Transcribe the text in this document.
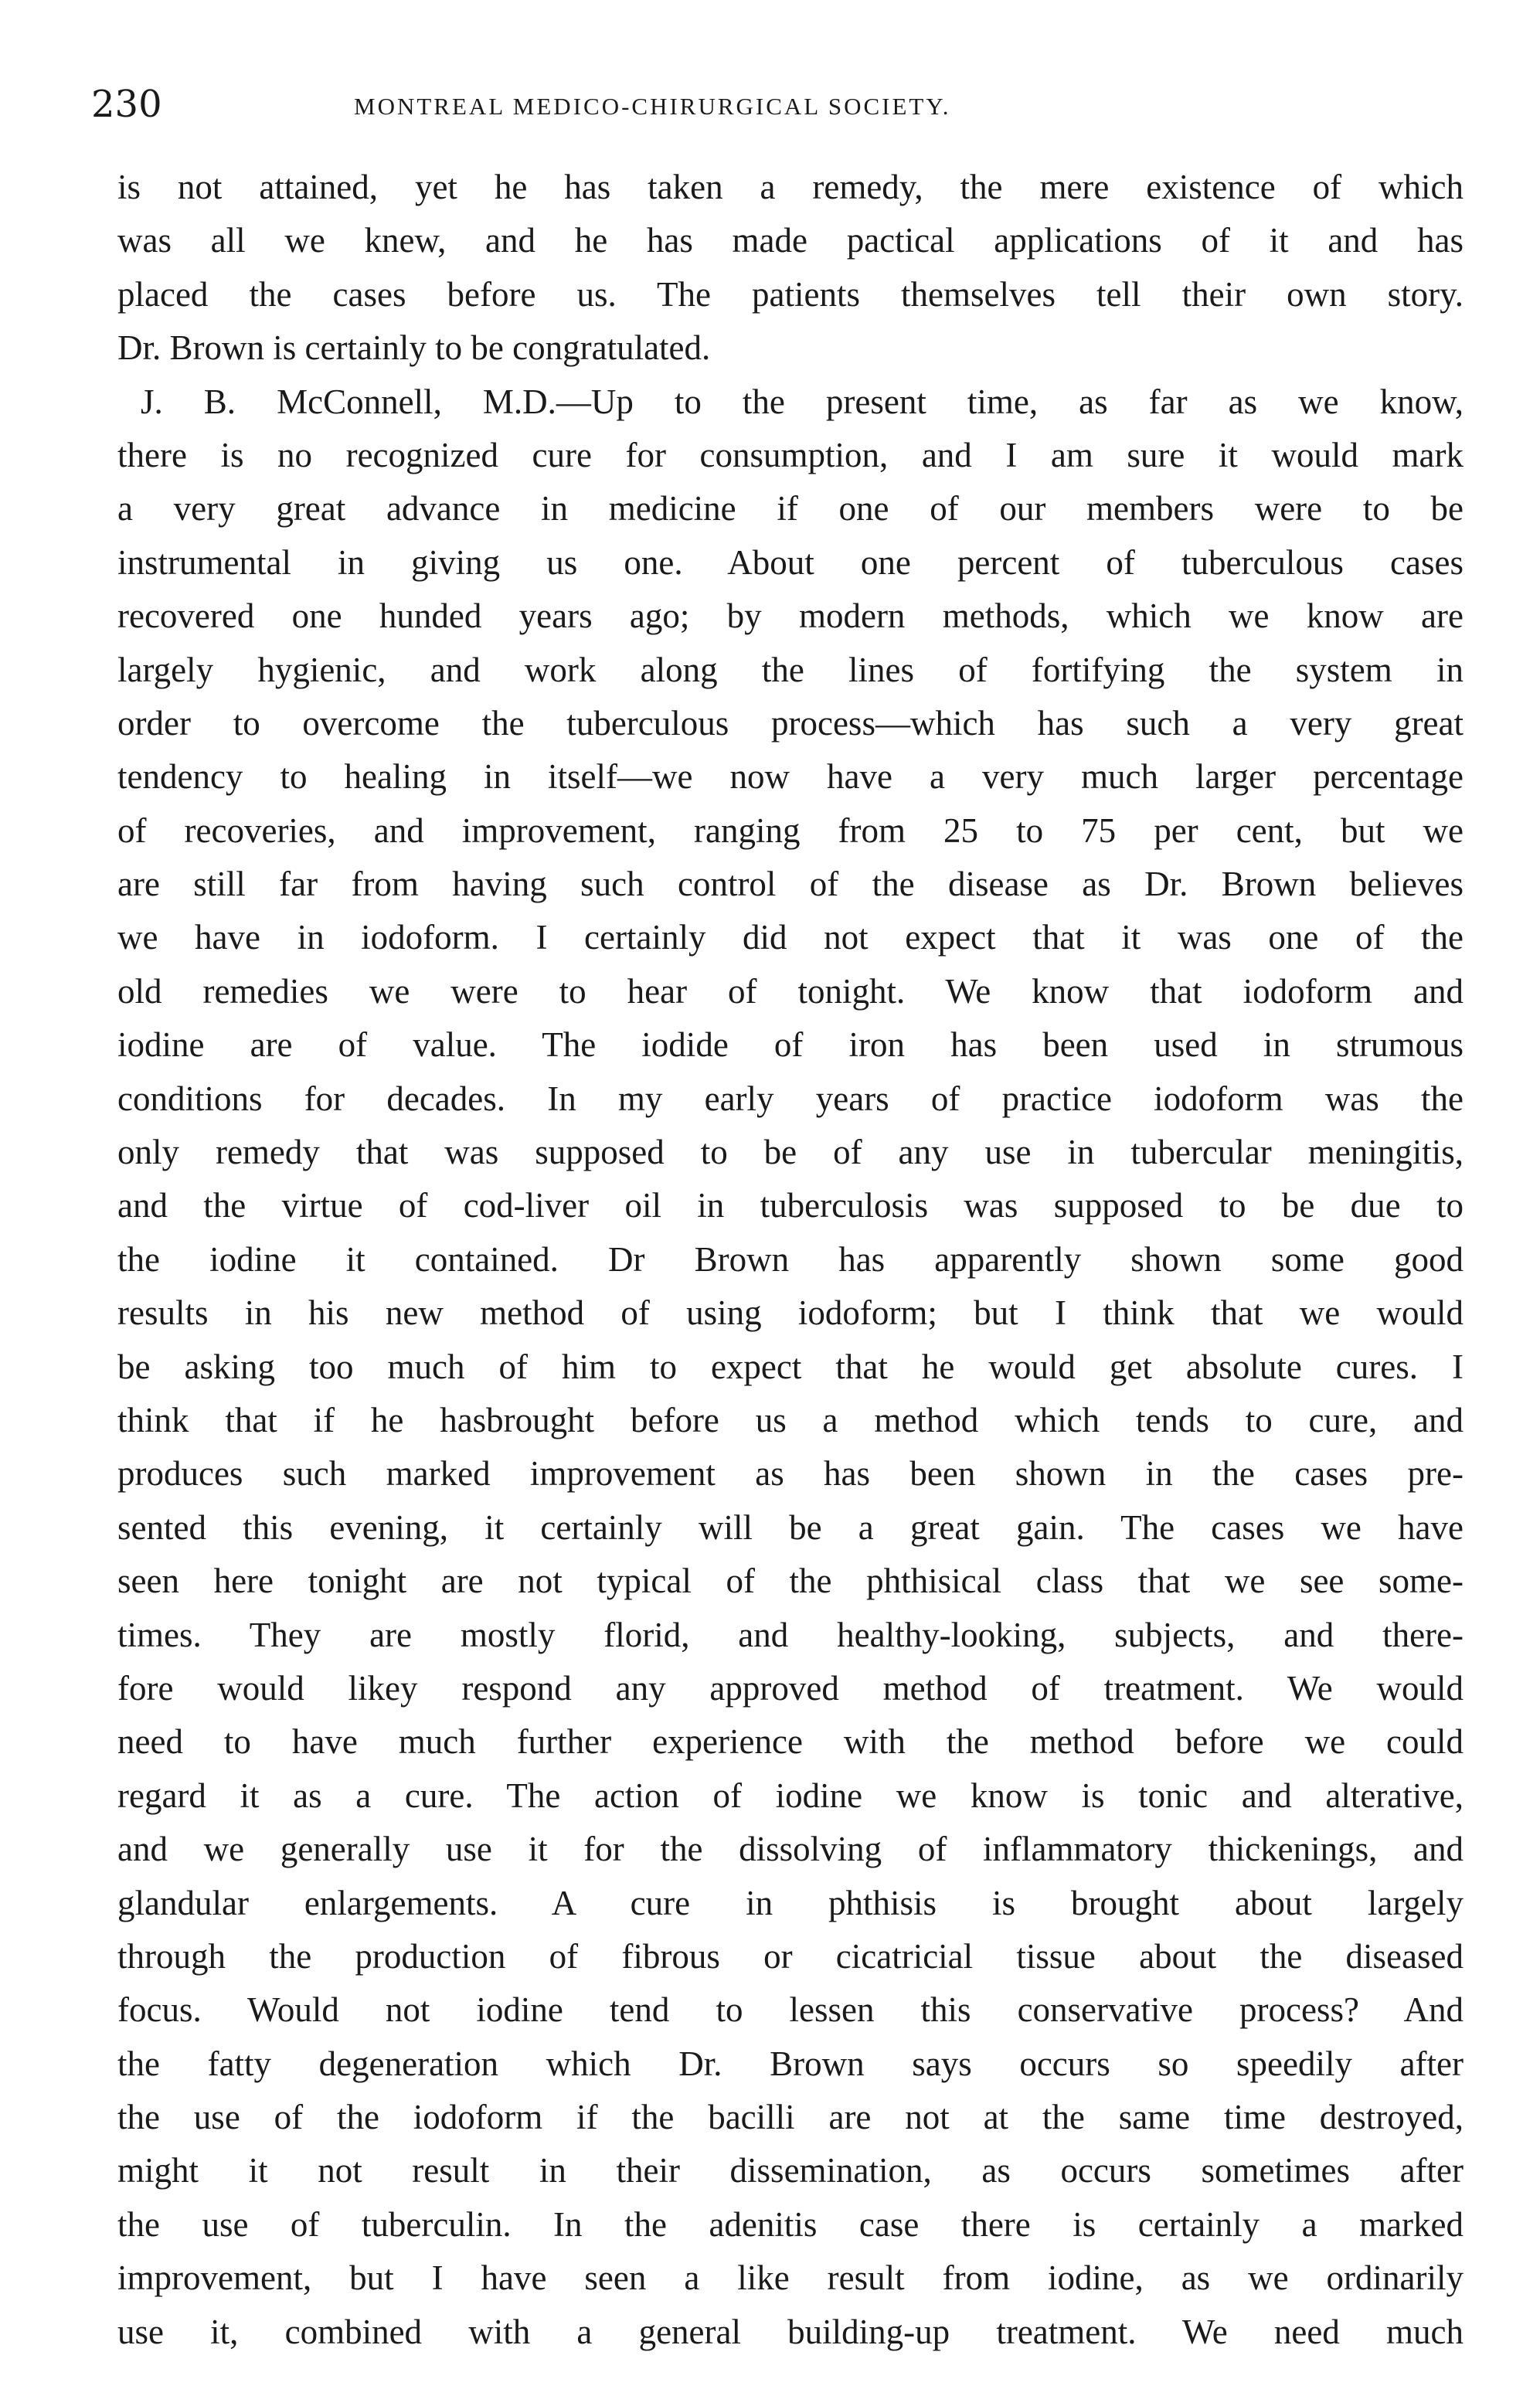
230	MONTREAL MEDICO-CHIRURGICAL SOCIETY.
is not attained, yet he has taken a remedy, the mere existence of which
was all we knew, and he has made pactical applications of it and has
placed the cases before us. The patients themselves tell their own story.
Dr. Brown is certainly to be congratulated.
J. B. McConnell, M.D.—Up to the present time, as far as we know,
there is no recognized cure for consumption, and I am sure it would mark
a very great advance in medicine if one of our members were to be
instrumental in giving us one. About one percent of tuberculous cases
recovered one hunded years ago; by modern methods, which we know are
largely hygienic, and work along the lines of fortifying the system in
order to overcome the tuberculous process—which has such a very great
tendency to healing in itself—we now have a very much larger percentage
of recoveries, and improvement, ranging from 25 to 75 per cent, but we
are still far from having such control of the disease as Dr. Brown believes
we have in iodoform. I certainly did not expect that it was one of the
old remedies we were to hear of tonight. We know that iodoform and
iodine are of value. The iodide of iron has been used in strumous
conditions for decades. In my early years of practice iodoform was the
only remedy that was supposed to be of any use in tubercular meningitis,
and the virtue of cod-liver oil in tuberculosis was supposed to be due to
the iodine it contained. Dr Brown has apparently shown some good
results in his new method of using iodoform; but I think that we would
be asking too much of him to expect that he would get absolute cures. I
think that if he hasbrought before us a method which tends to cure, and
produces such marked improvement as has been shown in the cases pre-
sented this evening, it certainly will be a great gain. The cases we have
seen here tonight are not typical of the phthisical class that we see some-
times. They are mostly florid, and healthy-looking, subjects, and there-
fore would likey respond any approved method of treatment. We would
need to have much further experience with the method before we could
regard it as a cure. The action of iodine we know is tonic and alterative,
and we generally use it for the dissolving of inflammatory thickenings, and
glandular enlargements. A cure in phthisis is brought about largely
through the production of fibrous or cicatricial tissue about the diseased
focus. Would not iodine tend to lessen this conservative process? And
the fatty degeneration which Dr. Brown says occurs so speedily after
the use of the iodoform if the bacilli are not at the same time destroyed,
might it not result in their dissemination, as occurs sometimes after
the use of tuberculin. In the adenitis case there is certainly a marked
improvement, but I have seen a like result from iodine, as we ordinarily
use it, combined with a general building-up treatment. We need much
